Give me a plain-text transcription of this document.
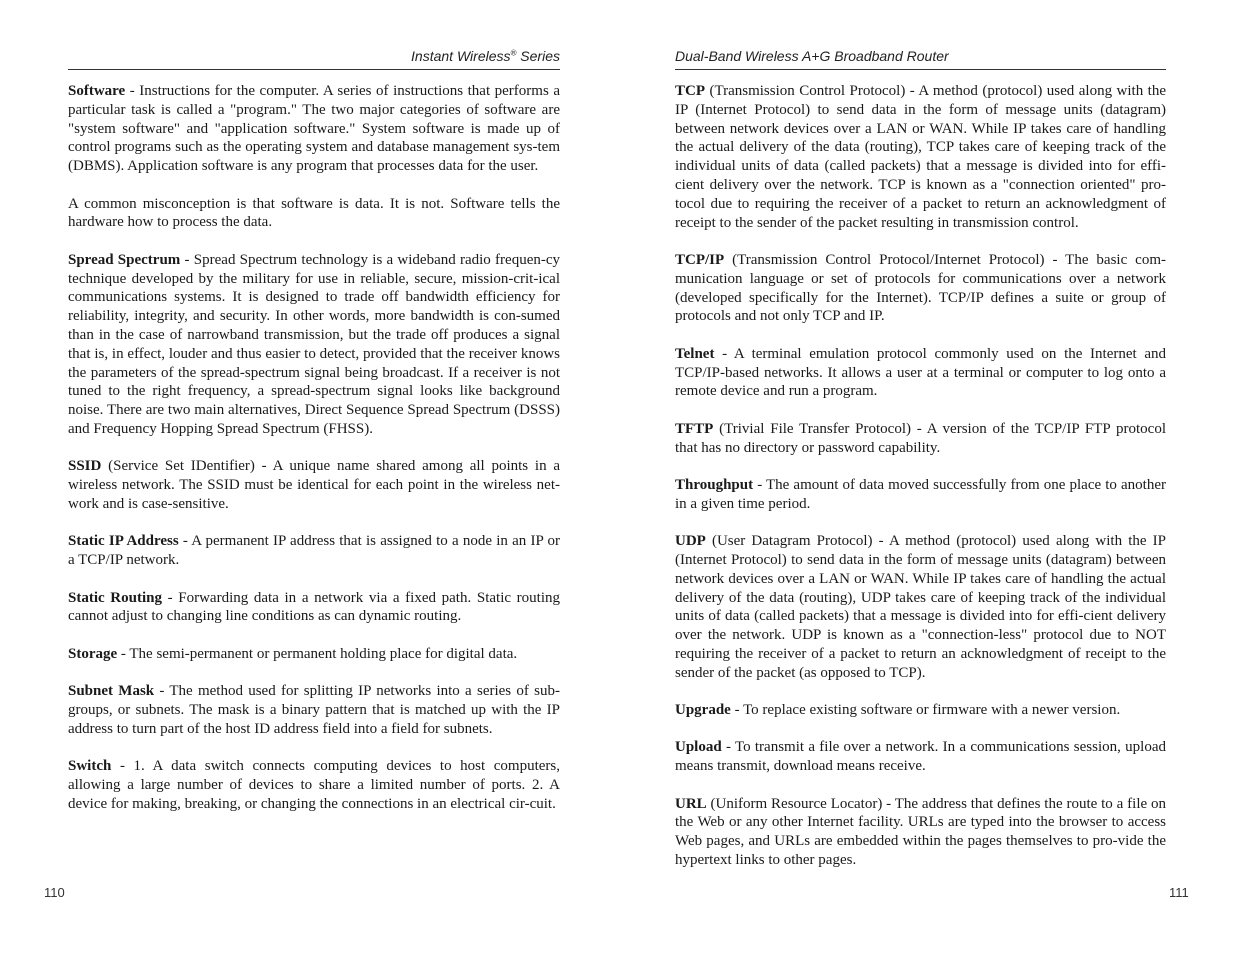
Instant Wireless® Series

Software - Instructions for the computer. A series of instructions that performs a particular task is called a "program." The two major categories of software are "system software" and "application software." System software is made up of control programs such as the operating system and database management sys-tem (DBMS). Application software is any program that processes data for the user.

A common misconception is that software is data. It is not. Software tells the hardware how to process the data.

Spread Spectrum - Spread Spectrum technology is a wideband radio frequen-cy technique developed by the military for use in reliable, secure, mission-crit-ical communications systems. It is designed to trade off bandwidth efficiency for reliability, integrity, and security. In other words, more bandwidth is con-sumed than in the case of narrowband transmission, but the trade off produces a signal that is, in effect, louder and thus easier to detect, provided that the receiver knows the parameters of the spread-spectrum signal being broadcast. If a receiver is not tuned to the right frequency, a spread-spectrum signal looks like background noise. There are two main alternatives, Direct Sequence Spread Spectrum (DSSS) and Frequency Hopping Spread Spectrum (FHSS).

SSID (Service Set IDentifier) - A unique name shared among all points in a wireless network. The SSID must be identical for each point in the wireless net-work and is case-sensitive.

Static IP Address - A permanent IP address that is assigned to a node in an IP or a TCP/IP network.

Static Routing - Forwarding data in a network via a fixed path. Static routing cannot adjust to changing line conditions as can dynamic routing.

Storage - The semi-permanent or permanent holding place for digital data.

Subnet Mask - The method used for splitting IP networks into a series of sub-groups, or subnets. The mask is a binary pattern that is matched up with the IP address to turn part of the host ID address field into a field for subnets.

Switch - 1. A data switch connects computing devices to host computers, allowing a large number of devices to share a limited number of ports. 2. A device for making, breaking, or changing the connections in an electrical cir-cuit.

110
Dual-Band Wireless A+G Broadband Router

TCP (Transmission Control Protocol) - A method (protocol) used along with the IP (Internet Protocol) to send data in the form of message units (datagram) between network devices over a LAN or WAN. While IP takes care of handling the actual delivery of the data (routing), TCP takes care of keeping track of the individual units of data (called packets) that a message is divided into for effi-cient delivery over the network. TCP is known as a "connection oriented" pro-tocol due to requiring the receiver of a packet to return an acknowledgment of receipt to the sender of the packet resulting in transmission control.

TCP/IP (Transmission Control Protocol/Internet Protocol) - The basic com-munication language or set of protocols for communications over a network (developed specifically for the Internet). TCP/IP defines a suite or group of protocols and not only TCP and IP.

Telnet - A terminal emulation protocol commonly used on the Internet and TCP/IP-based networks. It allows a user at a terminal or computer to log onto a remote device and run a program.

TFTP (Trivial File Transfer Protocol) - A version of the TCP/IP FTP protocol that has no directory or password capability.

Throughput - The amount of data moved successfully from one place to another in a given time period.

UDP (User Datagram Protocol) - A method (protocol) used along with the IP (Internet Protocol) to send data in the form of message units (datagram) between network devices over a LAN or WAN. While IP takes care of handling the actual delivery of the data (routing), UDP takes care of keeping track of the individual units of data (called packets) that a message is divided into for effi-cient delivery over the network. UDP is known as a "connection-less" protocol due to NOT requiring the receiver of a packet to return an acknowledgment of receipt to the sender of the packet (as opposed to TCP).

Upgrade - To replace existing software or firmware with a newer version.

Upload - To transmit a file over a network. In a communications session, upload means transmit, download means receive.

URL (Uniform Resource Locator) - The address that defines the route to a file on the Web or any other Internet facility. URLs are typed into the browser to access Web pages, and URLs are embedded within the pages themselves to pro-vide the hypertext links to other pages.

111
